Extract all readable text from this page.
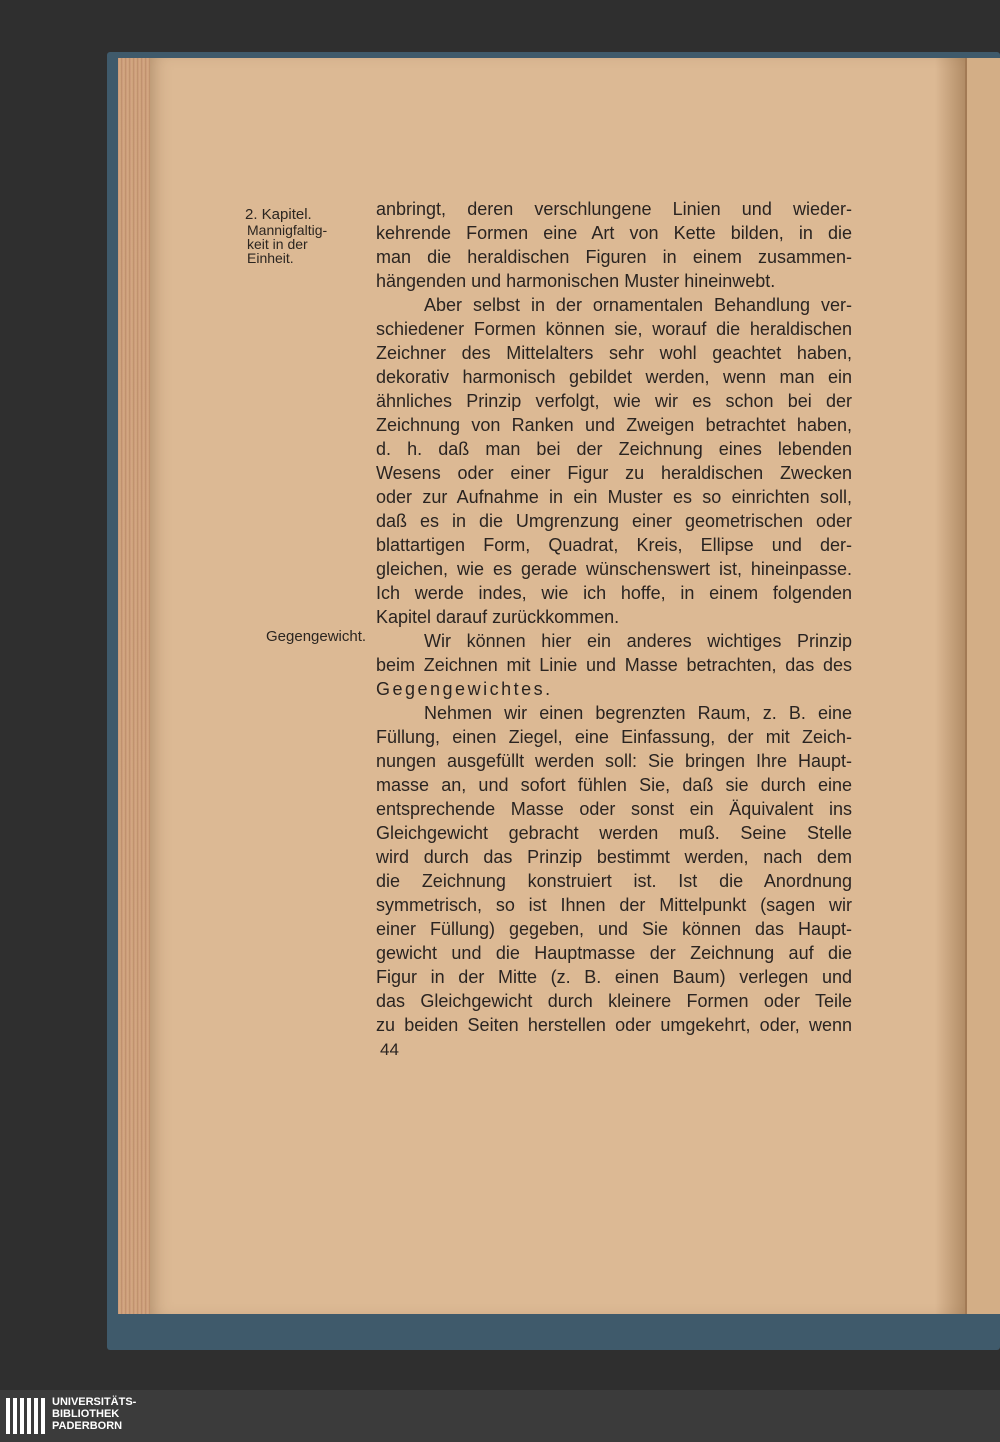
2. Kapitel.
Mannigfaltig-
keit in der
Einheit.
Gegengewicht.
anbringt, deren verschlungene Linien und wieder-
kehrende Formen eine Art von Kette bilden, in die
man die heraldischen Figuren in einem zusammen-
hängenden und harmonischen Muster hineinwebt.
Aber selbst in der ornamentalen Behandlung ver-
schiedener Formen können sie, worauf die heraldischen
Zeichner des Mittelalters sehr wohl geachtet haben,
dekorativ harmonisch gebildet werden, wenn man ein
ähnliches Prinzip verfolgt, wie wir es schon bei der
Zeichnung von Ranken und Zweigen betrachtet haben,
d. h. daß man bei der Zeichnung eines lebenden
Wesens oder einer Figur zu heraldischen Zwecken
oder zur Aufnahme in ein Muster es so einrichten soll,
daß es in die Umgrenzung einer geometrischen oder
blattartigen Form, Quadrat, Kreis, Ellipse und der-
gleichen, wie es gerade wünschenswert ist, hineinpasse.
Ich werde indes, wie ich hoffe, in einem folgenden
Kapitel darauf zurückkommen.
Wir können hier ein anderes wichtiges Prinzip
beim Zeichnen mit Linie und Masse betrachten, das des
Gegengewichtes.
Nehmen wir einen begrenzten Raum, z. B. eine
Füllung, einen Ziegel, eine Einfassung, der mit Zeich-
nungen ausgefüllt werden soll: Sie bringen Ihre Haupt-
masse an, und sofort fühlen Sie, daß sie durch eine
entsprechende Masse oder sonst ein Äquivalent ins
Gleichgewicht gebracht werden muß. Seine Stelle
wird durch das Prinzip bestimmt werden, nach dem
die Zeichnung konstruiert ist. Ist die Anordnung
symmetrisch, so ist Ihnen der Mittelpunkt (sagen wir
einer Füllung) gegeben, und Sie können das Haupt-
gewicht und die Hauptmasse der Zeichnung auf die
Figur in der Mitte (z. B. einen Baum) verlegen und
das Gleichgewicht durch kleinere Formen oder Teile
zu beiden Seiten herstellen oder umgekehrt, oder, wenn
44
UNIVERSITÄTS-
BIBLIOTHEK
PADERBORN
